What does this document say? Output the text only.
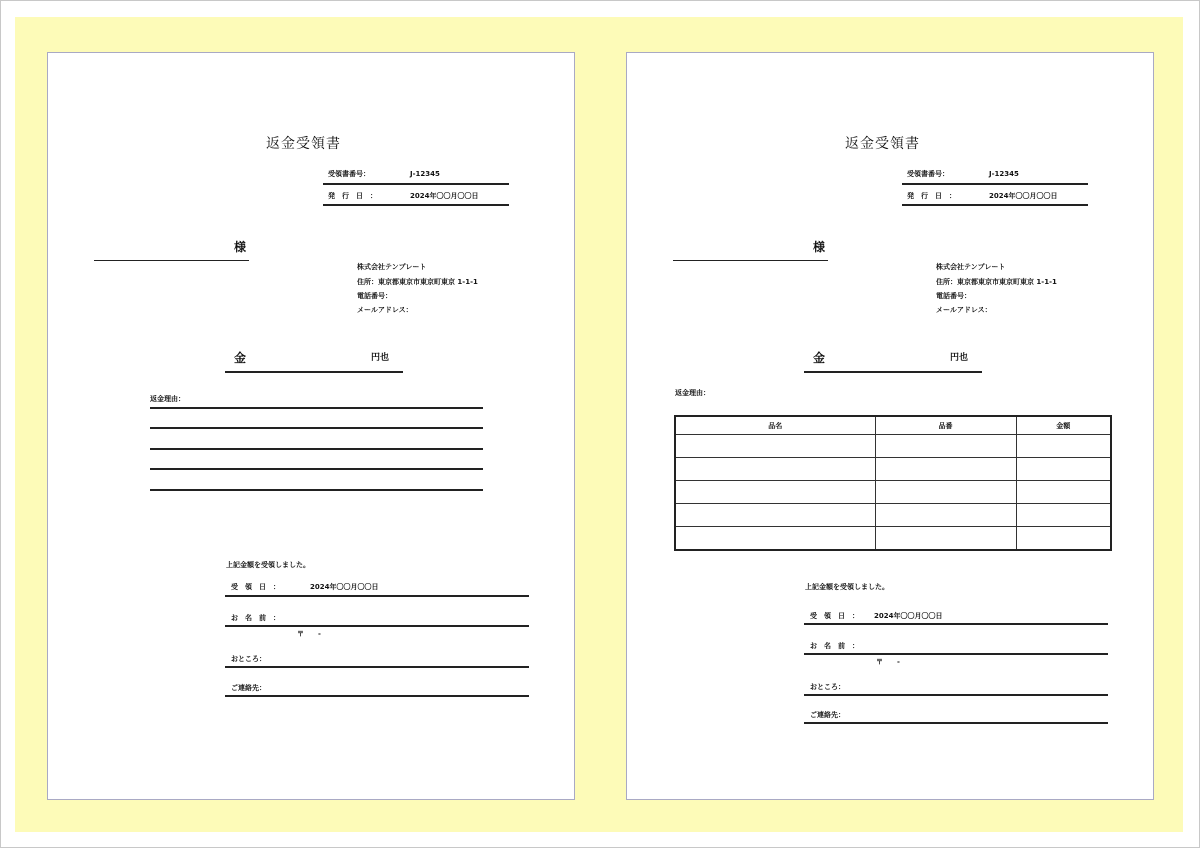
返金受領書
受領書番号：	J-12345
発　行　日　：	2024年〇〇月〇〇日
様
株式会社テンプレート
住所：東京都東京市東京町東京 1-1-1
電話番号：
メールアドレス：
金	円也
返金理由：
上記金額を受領しました。
受　領　日　：	2024年〇〇月〇〇日
お　名　前　：
〒　　-
おところ：
ご連絡先：
返金受領書
受領書番号：	J-12345
発　行　日　：	2024年〇〇月〇〇日
様
株式会社テンプレート
住所：東京都東京市東京町東京 1-1-1
電話番号：
メールアドレス：
金	円也
返金理由：
品名	品番	金額

上記金額を受領しました。
受　領　日　： 2024年〇〇月〇〇日
お　名　前　：
〒　　-
おところ：
ご連絡先：
